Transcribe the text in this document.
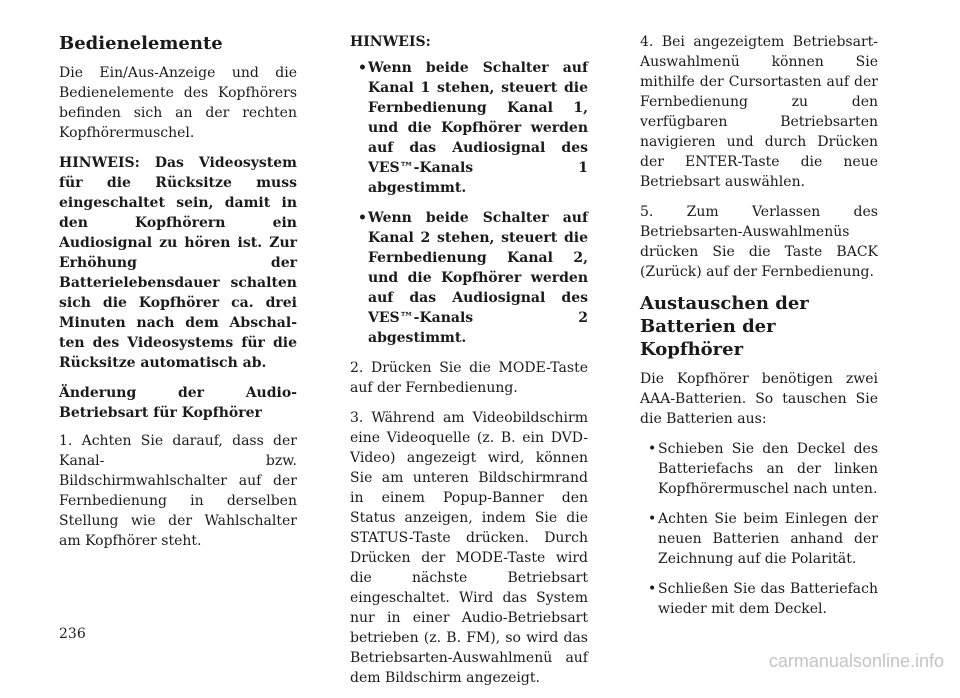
Bedienelemente

Die Ein/Aus-Anzeige und die Bedienelemente des Kopfhörers befinden sich an der rechten Kopfhörermuschel.

HINWEIS: Das Videosystem für die Rücksitze muss eingeschaltet sein, damit in den Kopfhörern ein Audiosignal zu hören ist. Zur Erhöhung der Batterielebensdauer schalten sich die Kopfhörer ca. drei Minuten nach dem Abschalten des Videosystems für die Rücksitze automatisch ab.

Änderung der Audio-Betriebsart für Kopfhörer

1. Achten Sie darauf, dass der Kanal- bzw. Bildschirmwahlschalter auf der Fernbedienung in derselben Stellung wie der Wahlschalter am Kopfhörer steht.

HINWEIS:

• Wenn beide Schalter auf Kanal 1 stehen, steuert die Fernbedienung Kanal 1, und die Kopfhörer werden auf das Audiosignal des VES™-Kanals 1 abgestimmt.
• Wenn beide Schalter auf Kanal 2 stehen, steuert die Fernbedienung Kanal 2, und die Kopfhörer werden auf das Audiosignal des VES™-Kanals 2 abgestimmt.

2. Drücken Sie die MODE-Taste auf der Fernbedienung.

3. Während am Videobildschirm eine Videoquelle (z. B. ein DVD-Video) angezeigt wird, können Sie am unteren Bildschirmrand in einem Popup-Banner den Status anzeigen, indem Sie die STATUS-Taste drücken. Durch Drücken der MODE-Taste wird die nächste Betriebsart eingeschaltet. Wird das System nur in einer Audio-Betriebsart betrieben (z. B. FM), so wird das Betriebsarten-Auswahlmenü auf dem Bildschirm angezeigt.

4. Bei angezeigtem Betriebsart-Auswahlmenü können Sie mithilfe der Cursortasten auf der Fernbedienung zu den verfügbaren Betriebsarten navigieren und durch Drücken der ENTER-Taste die neue Betriebsart auswählen.

5. Zum Verlassen des Betriebsarten-Auswahlmenüs drücken Sie die Taste BACK (Zurück) auf der Fernbedienung.

Austauschen der Batterien der Kopfhörer

Die Kopfhörer benötigen zwei AAA-Batterien. So tauschen Sie die Batterien aus:

• Schieben Sie den Deckel des Batteriefachs an der linken Kopfhörermuschel nach unten.
• Achten Sie beim Einlegen der neuen Batterien anhand der Zeichnung auf die Polarität.
• Schließen Sie das Batteriefach wieder mit dem Deckel.
236
carmanualsonline.info
